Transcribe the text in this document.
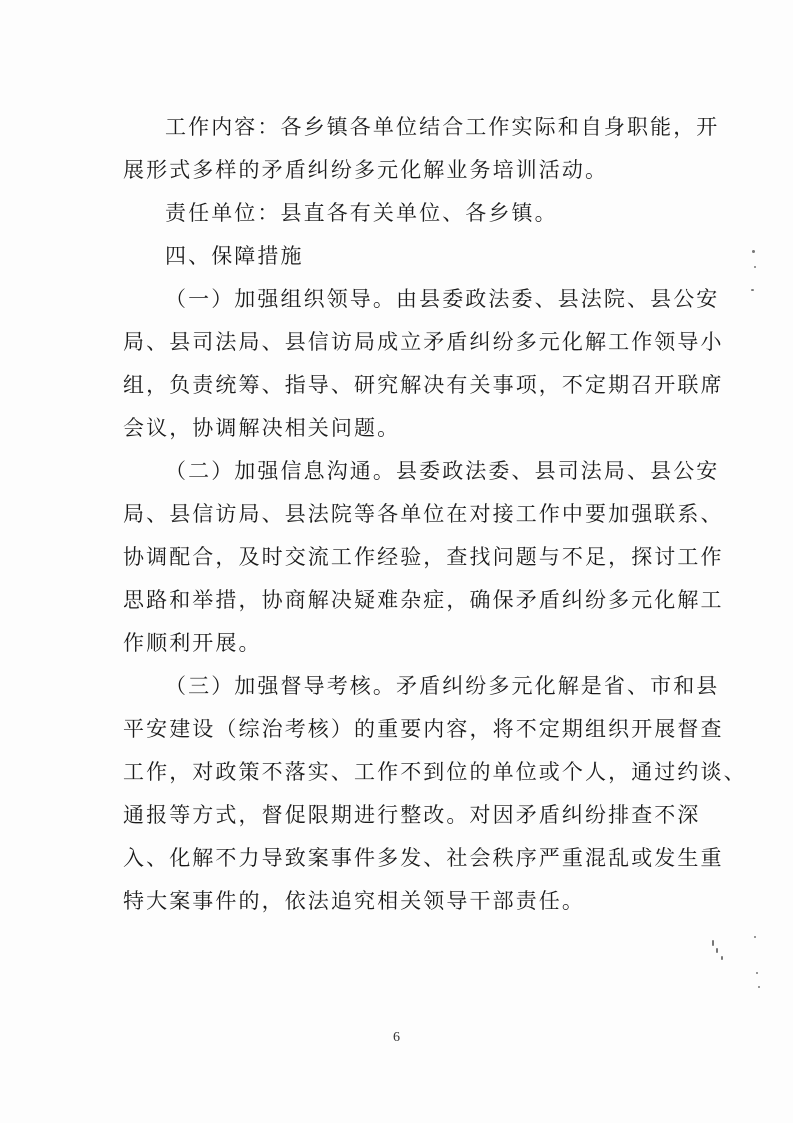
工作内容：各乡镇各单位结合工作实际和自身职能，开
展形式多样的矛盾纠纷多元化解业务培训活动。
责任单位：县直各有关单位、各乡镇。
四、保障措施
（一）加强组织领导。由县委政法委、县法院、县公安
局、县司法局、县信访局成立矛盾纠纷多元化解工作领导小
组，负责统筹、指导、研究解决有关事项，不定期召开联席
会议，协调解决相关问题。
（二）加强信息沟通。县委政法委、县司法局、县公安
局、县信访局、县法院等各单位在对接工作中要加强联系、
协调配合，及时交流工作经验，查找问题与不足，探讨工作
思路和举措，协商解决疑难杂症，确保矛盾纠纷多元化解工
作顺利开展。
（三）加强督导考核。矛盾纠纷多元化解是省、市和县
平安建设（综治考核）的重要内容，将不定期组织开展督查
工作，对政策不落实、工作不到位的单位或个人，通过约谈、
通报等方式，督促限期进行整改。对因矛盾纠纷排查不深
入、化解不力导致案事件多发、社会秩序严重混乱或发生重
特大案事件的，依法追究相关领导干部责任。
6
